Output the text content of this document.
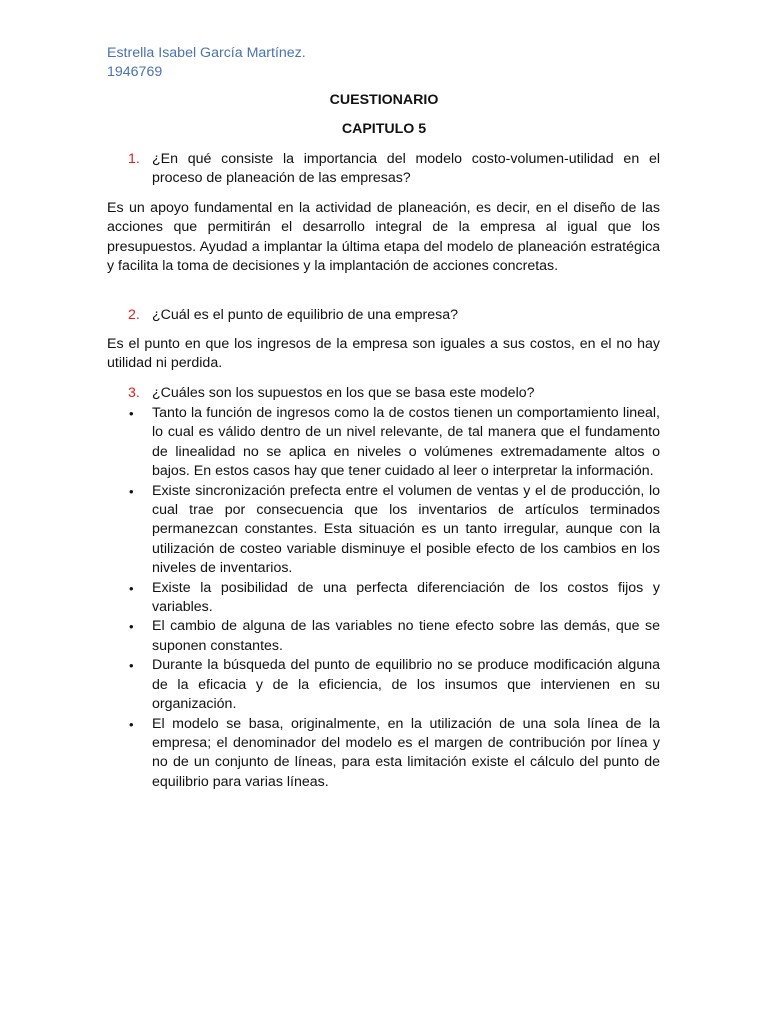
Estrella Isabel García Martínez.
1946769
CUESTIONARIO
CAPITULO 5
1. ¿En qué consiste la importancia del modelo costo-volumen-utilidad en el proceso de planeación de las empresas?
Es un apoyo fundamental en la actividad de planeación, es decir, en el diseño de las acciones que permitirán el desarrollo integral de la empresa al igual que los presupuestos. Ayudad a implantar la última etapa del modelo de planeación estratégica y facilita la toma de decisiones y la implantación de acciones concretas.
2. ¿Cuál es el punto de equilibrio de una empresa?
Es el punto en que los ingresos de la empresa son iguales a sus costos, en el no hay utilidad ni perdida.
3. ¿Cuáles son los supuestos en los que se basa este modelo?
• Tanto la función de ingresos como la de costos tienen un comportamiento lineal, lo cual es válido dentro de un nivel relevante, de tal manera que el fundamento de linealidad no se aplica en niveles o volúmenes extremadamente altos o bajos. En estos casos hay que tener cuidado al leer o interpretar la información.
• Existe sincronización prefecta entre el volumen de ventas y el de producción, lo cual trae por consecuencia que los inventarios de artículos terminados permanezcan constantes. Esta situación es un tanto irregular, aunque con la utilización de costeo variable disminuye el posible efecto de los cambios en los niveles de inventarios.
• Existe la posibilidad de una perfecta diferenciación de los costos fijos y variables.
• El cambio de alguna de las variables no tiene efecto sobre las demás, que se suponen constantes.
• Durante la búsqueda del punto de equilibrio no se produce modificación alguna de la eficacia y de la eficiencia, de los insumos que intervienen en su organización.
• El modelo se basa, originalmente, en la utilización de una sola línea de la empresa; el denominador del modelo es el margen de contribución por línea y no de un conjunto de líneas, para esta limitación existe el cálculo del punto de equilibrio para varias líneas.
